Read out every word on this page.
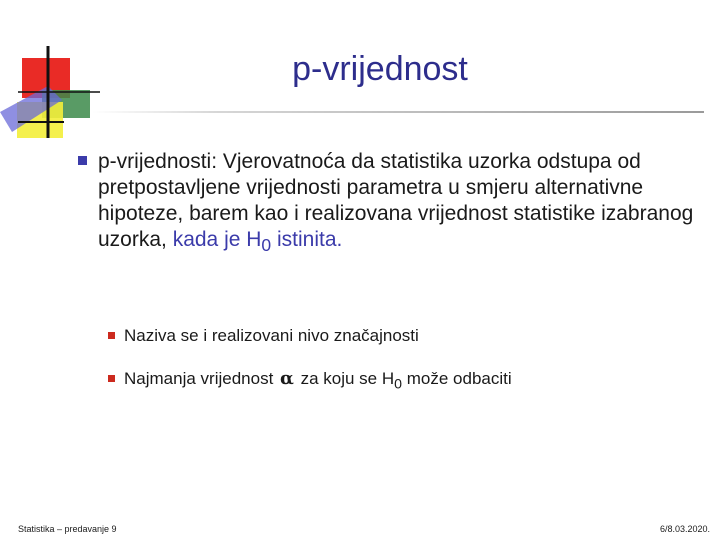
p-vrijednost
p-vrijednosti: Vjerovatnoća da statistika uzorka odstupa od pretpostavljene vrijednosti parametra u smjeru alternativne hipoteze, barem kao i realizovana vrijednost statistike izabranog uzorka, kada je $H_0$ istinita.
Naziva se i realizovani nivo značajnosti
Najmanja vrijednost α za koju se $H_0$ može odbaciti
Statistika – predavanje 9	6/8.03.2020.
